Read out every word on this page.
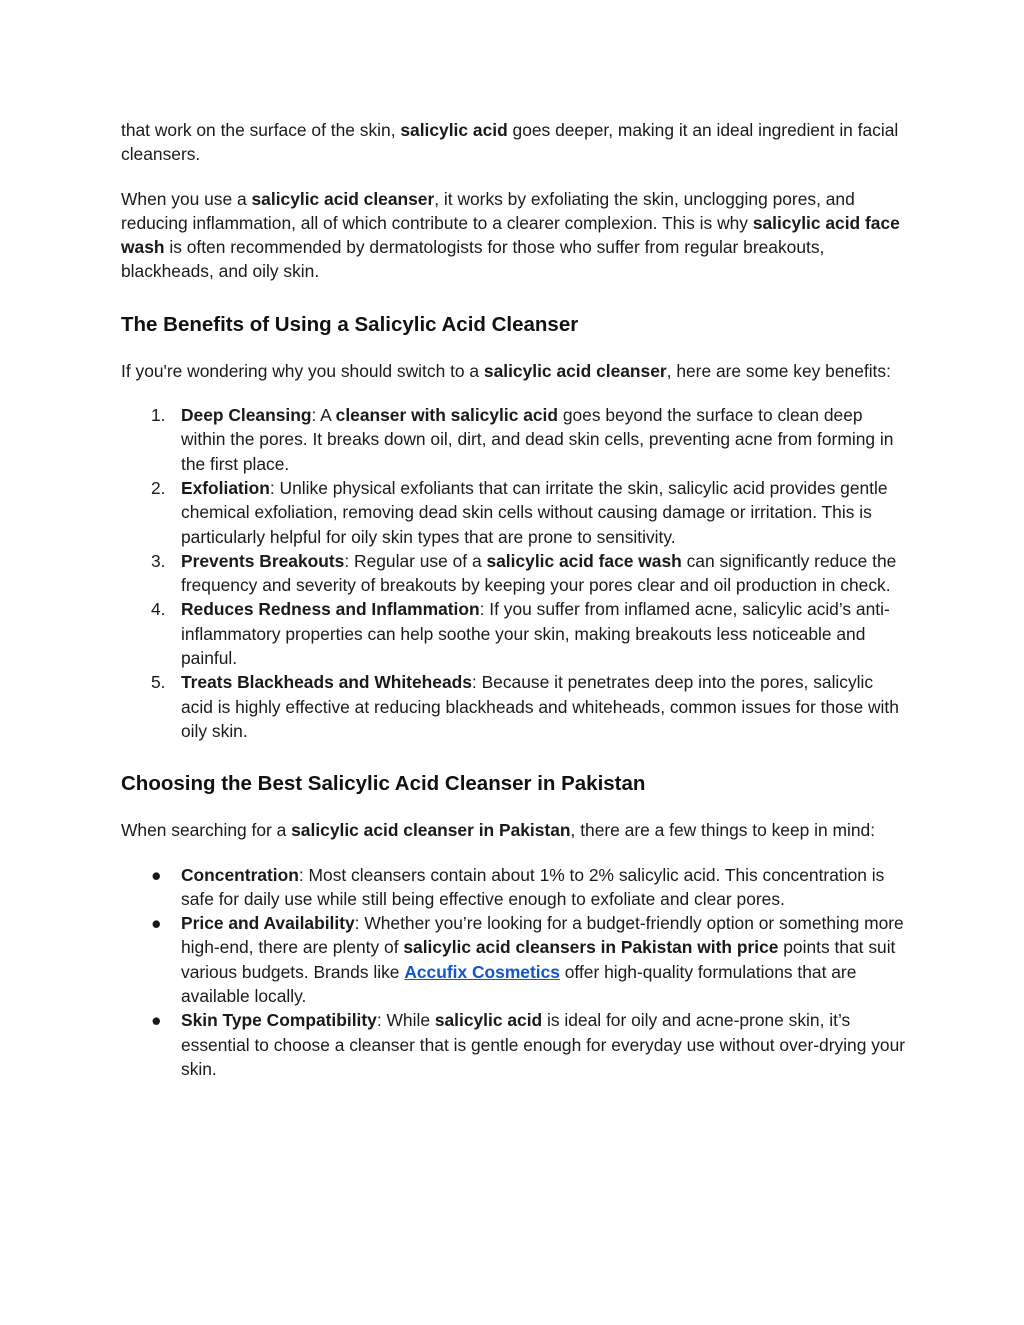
that work on the surface of the skin, salicylic acid goes deeper, making it an ideal ingredient in facial cleansers.

When you use a salicylic acid cleanser, it works by exfoliating the skin, unclogging pores, and reducing inflammation, all of which contribute to a clearer complexion. This is why salicylic acid face wash is often recommended by dermatologists for those who suffer from regular breakouts, blackheads, and oily skin.

The Benefits of Using a Salicylic Acid Cleanser

If you're wondering why you should switch to a salicylic acid cleanser, here are some key benefits:

1. Deep Cleansing: A cleanser with salicylic acid goes beyond the surface to clean deep within the pores. It breaks down oil, dirt, and dead skin cells, preventing acne from forming in the first place.
2. Exfoliation: Unlike physical exfoliants that can irritate the skin, salicylic acid provides gentle chemical exfoliation, removing dead skin cells without causing damage or irritation. This is particularly helpful for oily skin types that are prone to sensitivity.
3. Prevents Breakouts: Regular use of a salicylic acid face wash can significantly reduce the frequency and severity of breakouts by keeping your pores clear and oil production in check.
4. Reduces Redness and Inflammation: If you suffer from inflamed acne, salicylic acid’s anti-inflammatory properties can help soothe your skin, making breakouts less noticeable and painful.
5. Treats Blackheads and Whiteheads: Because it penetrates deep into the pores, salicylic acid is highly effective at reducing blackheads and whiteheads, common issues for those with oily skin.
Choosing the Best Salicylic Acid Cleanser in Pakistan

When searching for a salicylic acid cleanser in Pakistan, there are a few things to keep in mind:

● Concentration: Most cleansers contain about 1% to 2% salicylic acid. This concentration is safe for daily use while still being effective enough to exfoliate and clear pores.
● Price and Availability: Whether you’re looking for a budget-friendly option or something more high-end, there are plenty of salicylic acid cleansers in Pakistan with price points that suit various budgets. Brands like Accufix Cosmetics offer high-quality formulations that are available locally.
● Skin Type Compatibility: While salicylic acid is ideal for oily and acne-prone skin, it’s essential to choose a cleanser that is gentle enough for everyday use without over-drying your skin.
